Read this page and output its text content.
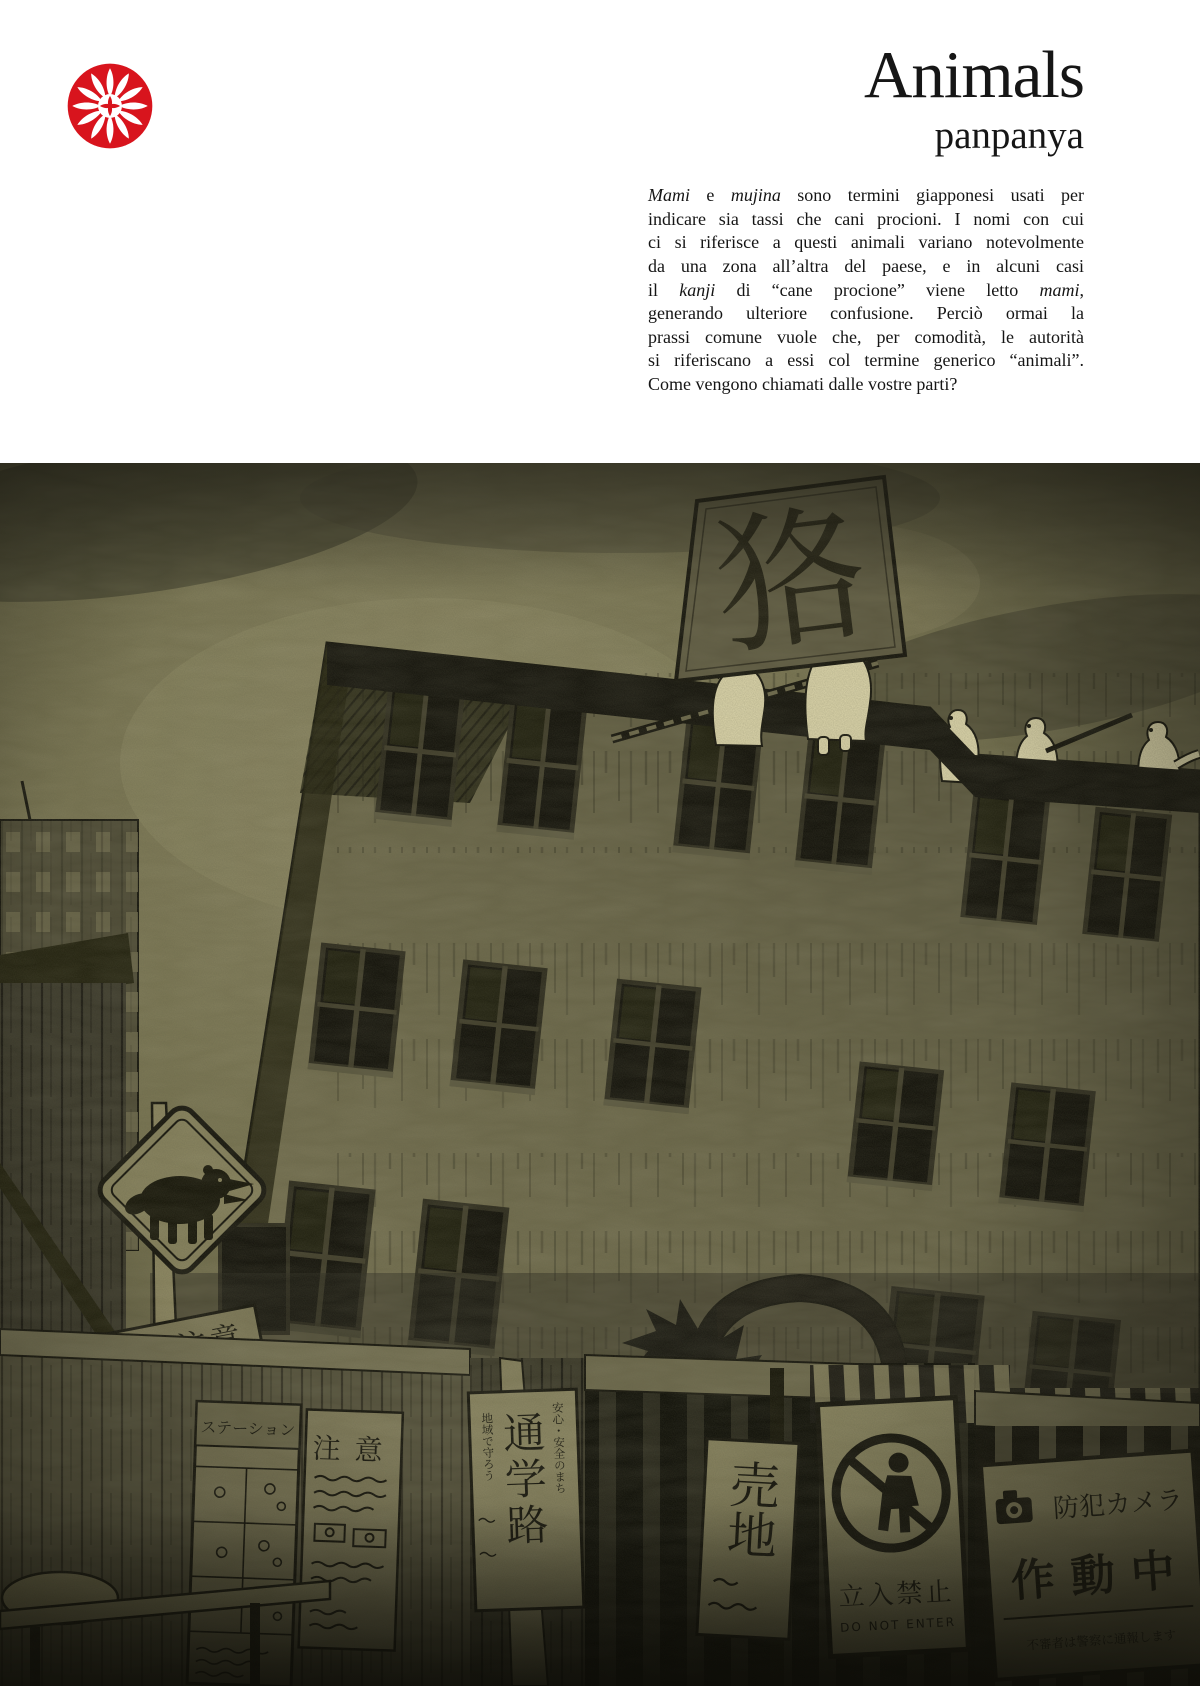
Animals
panpanya
Mami e mujina sono termini giapponesi usati per
indicare sia tassi che cani procioni. I nomi con cui
ci si riferisce a questi animali variano notevolmente
da una zona all’altra del paese, e in alcuni casi
il kanji di “cane procione” viene letto mami,
generando ulteriore confusione. Perciò ormai la
prassi comune vuole che, per comodità, le autorità
si riferiscano a essi col termine generico “animali”.
Come vengono chiamati dalle vostre parti?
